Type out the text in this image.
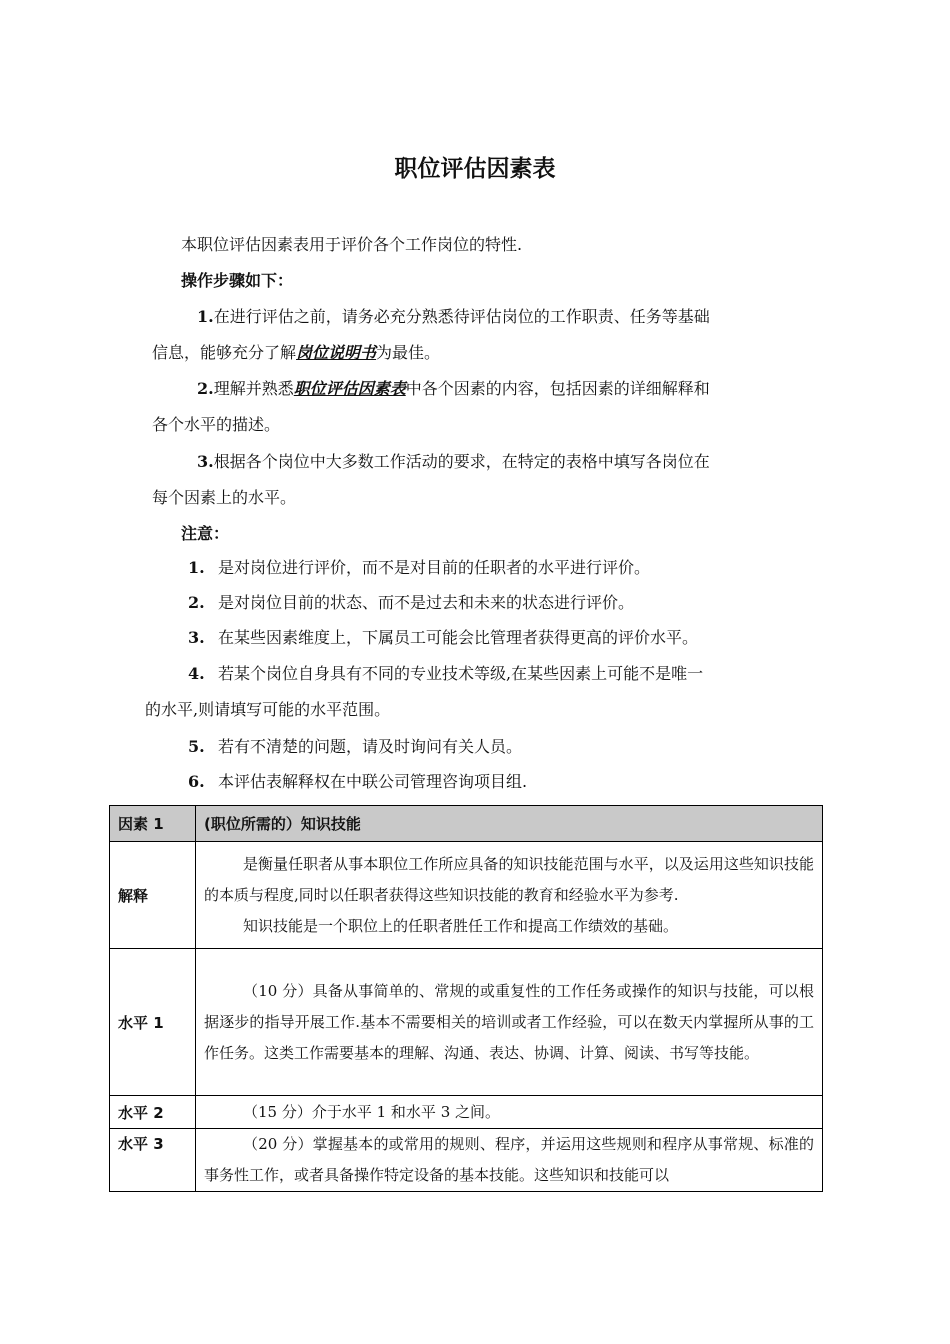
职位评估因素表
本职位评估因素表用于评价各个工作岗位的特性.
操作步骤如下：
1.在进行评估之前，请务必充分熟悉待评估岗位的工作职责、任务等基础
信息，能够充分了解岗位说明书为最佳。
2.理解并熟悉职位评估因素表中各个因素的内容，包括因素的详细解释和
各个水平的描述。
3.根据各个岗位中大多数工作活动的要求，在特定的表格中填写各岗位在
每个因素上的水平。
注意：
1. 是对岗位进行评价，而不是对目前的任职者的水平进行评价。
2. 是对岗位目前的状态、而不是过去和未来的状态进行评价。
3. 在某些因素维度上，下属员工可能会比管理者获得更高的评价水平。
4. 若某个岗位自身具有不同的专业技术等级,在某些因素上可能不是唯一
的水平,则请填写可能的水平范围。
5. 若有不清楚的问题，请及时询问有关人员。
6. 本评估表解释权在中联公司管理咨询项目组.
因素 1	(职位所需的）知识技能
解释	是衡量任职者从事本职位工作所应具备的知识技能范围与水平，以及运用这些知识技能的本质与程度,同时以任职者获得这些知识技能的教育和经验水平为参考.

知识技能是一个职位上的任职者胜任工作和提高工作绩效的基础。

水平 1	（10 分）具备从事简单的、常规的或重复性的工作任务或操作的知识与技能，可以根据逐步的指导开展工作.基本不需要相关的培训或者工作经验，可以在数天内掌握所从事的工作任务。这类工作需要基本的理解、沟通、表达、协调、计算、阅读、书写等技能。

水平 2	（15 分）介于水平 1 和水平 3 之间。

水平 3	（20 分）掌握基本的或常用的规则、程序，并运用这些规则和程序从事常规、标准的事务性工作，或者具备操作特定设备的基本技能。这些知识和技能可以
